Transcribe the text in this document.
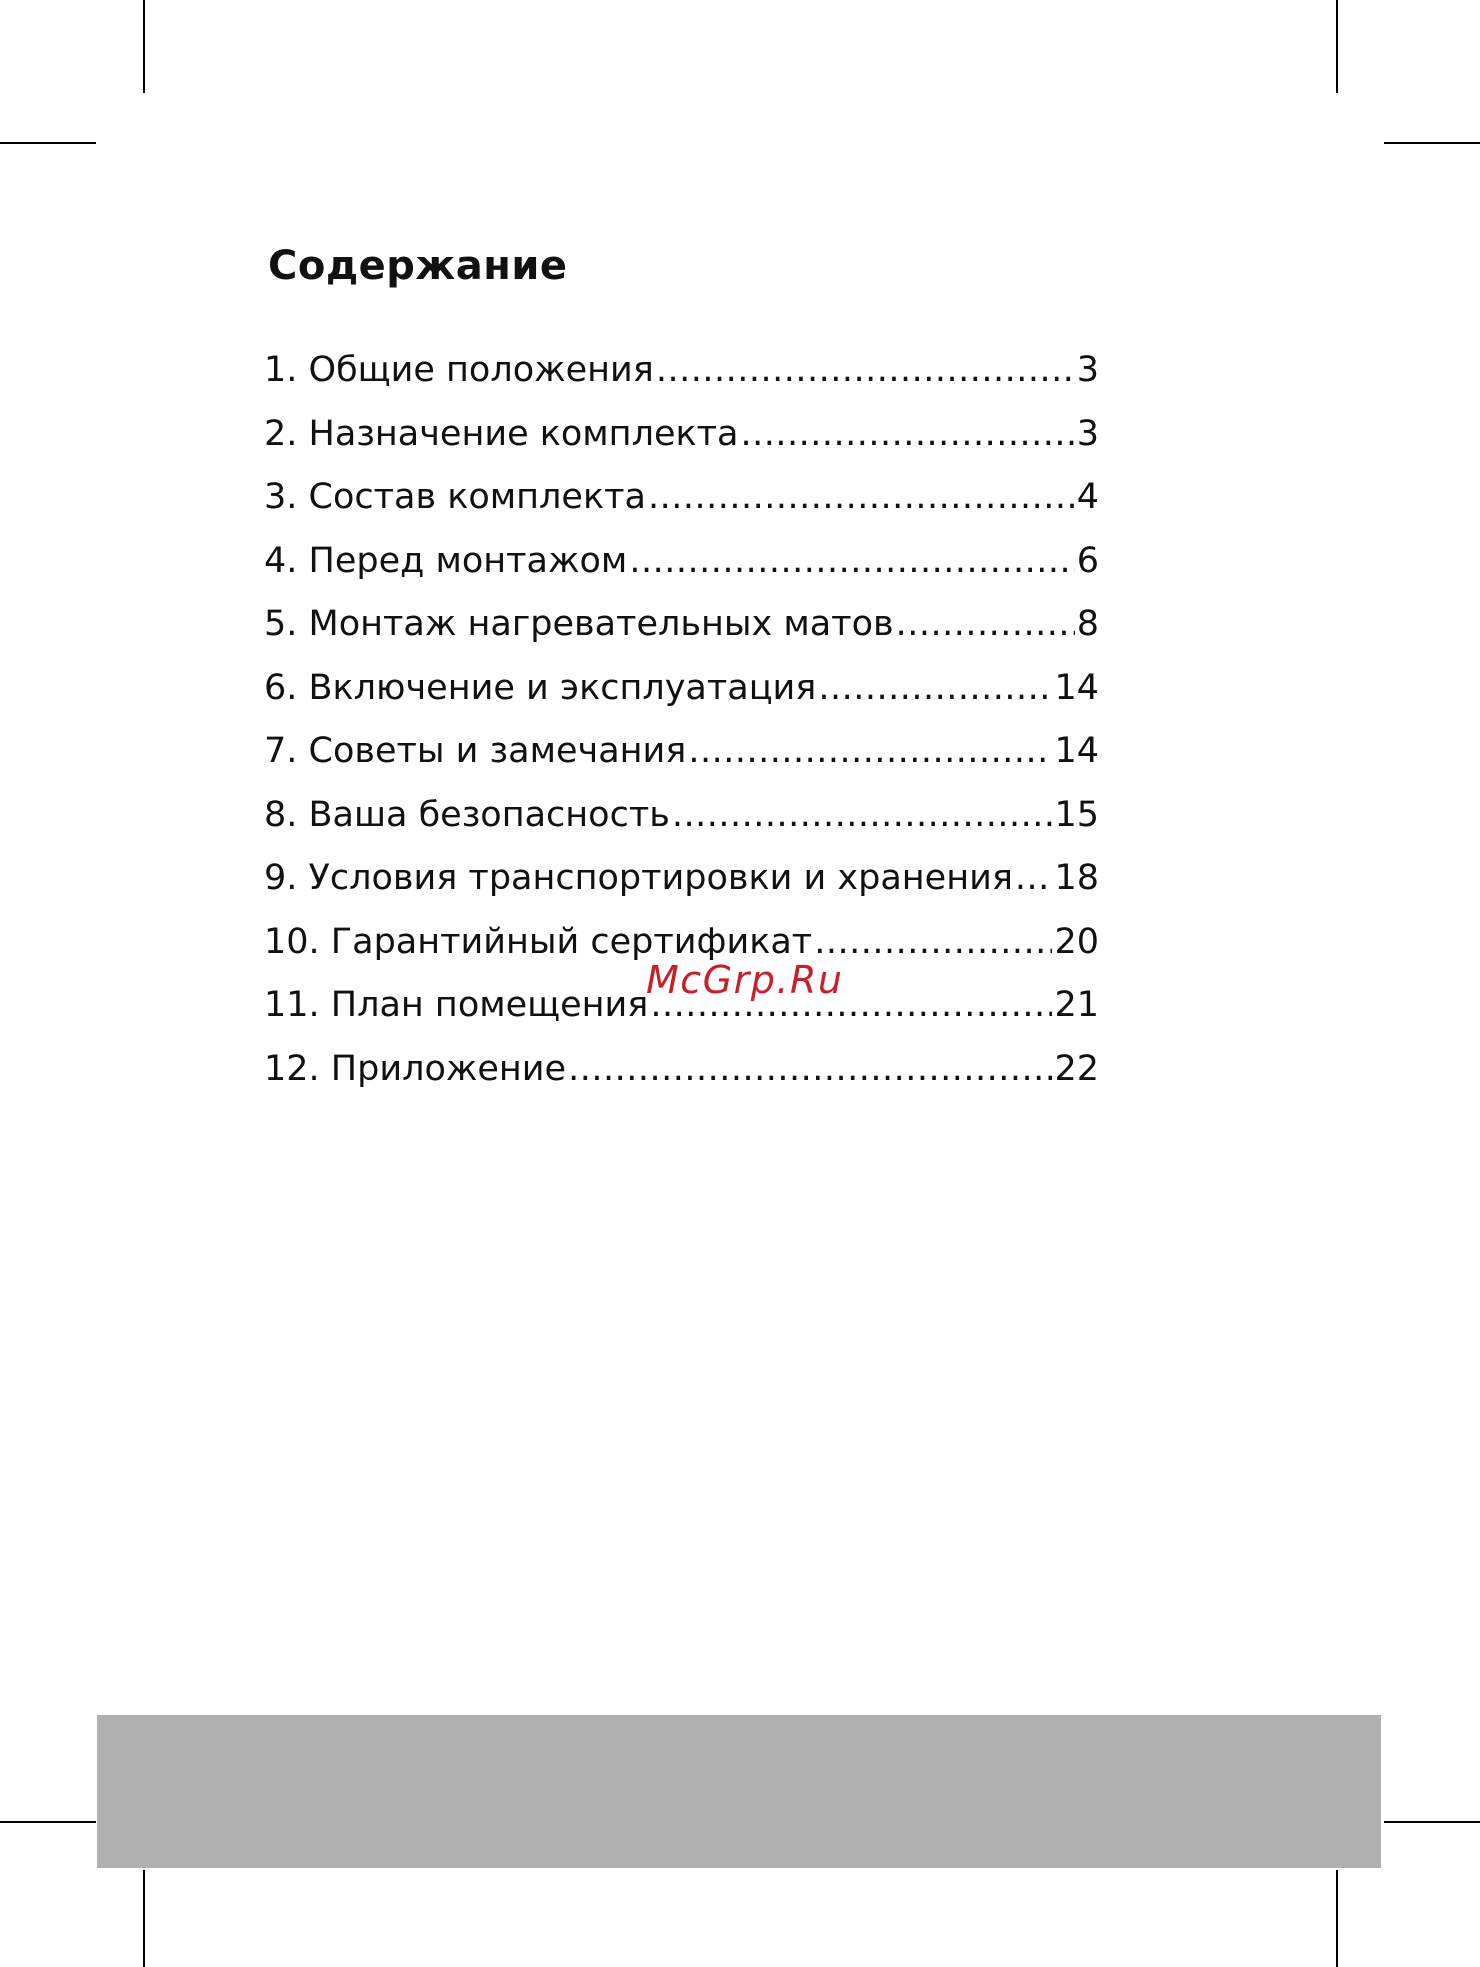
Содержание
1. Общие положения .....	3
2. Назначение комплекта .....	3
3. Состав комплекта .....	4
4. Перед монтажом .....	6
5. Монтаж нагревательных матов .....	8
6. Включение и эксплуатация .....	14
7. Советы и замечания .....	14
8. Ваша безопасность .....	15
9. Условия транспортировки и хранения ..... 18
10. Гарантийный сертификат .....	20
11. План помещения .....	21
12. Приложение .....	22

McGrp.Ru
